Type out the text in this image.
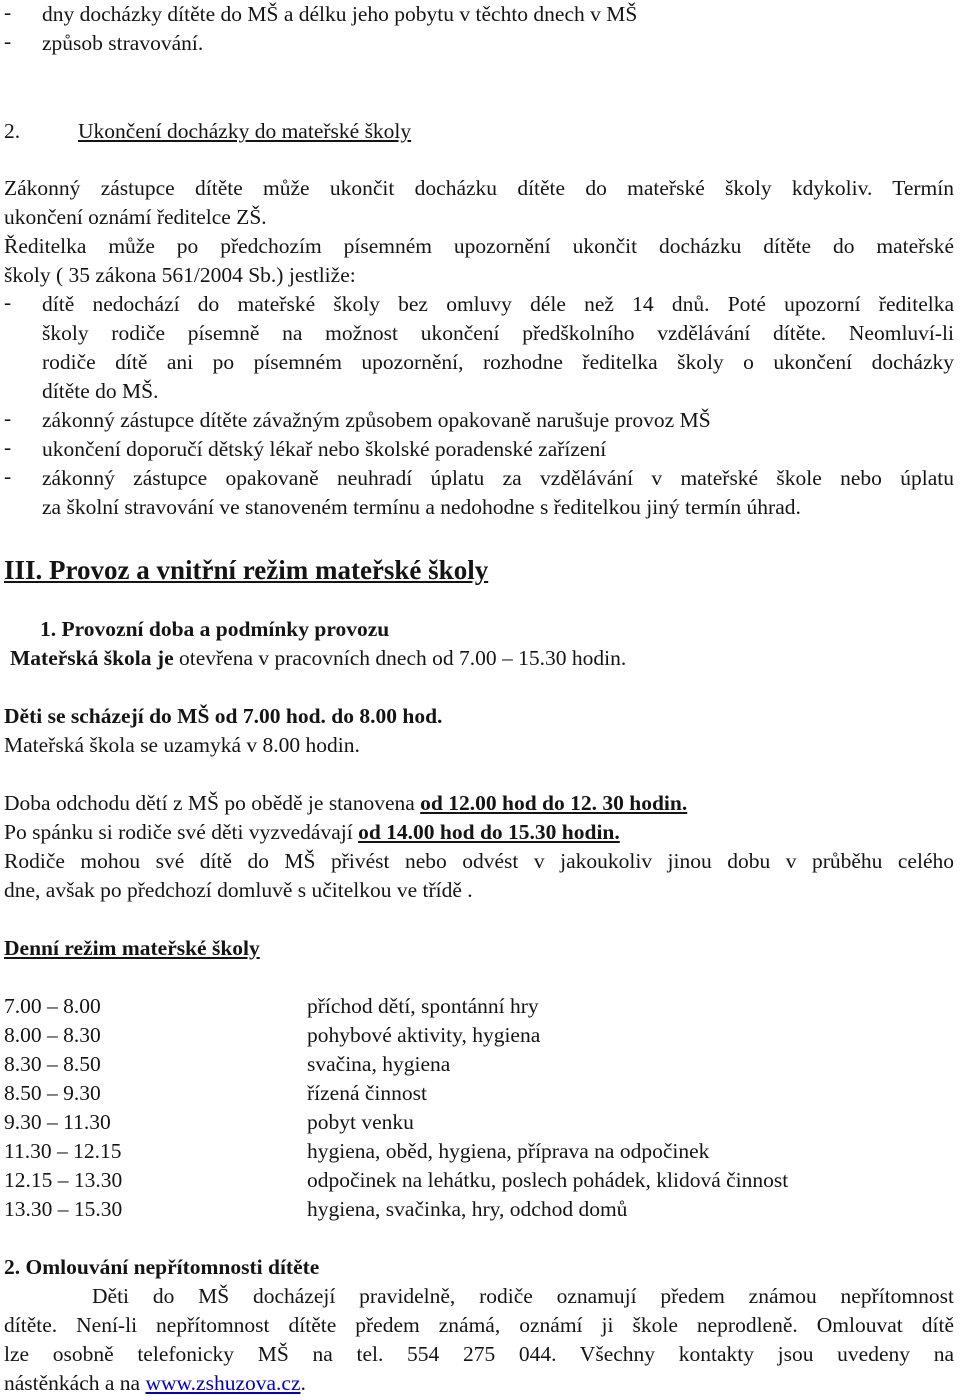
- dny docházky dítěte do MŠ a délku jeho pobytu v těchto dnech v MŠ
- způsob stravování.
2.	Ukončení docházky do mateřské školy
Zákonný zástupce dítěte může ukončit docházku dítěte do mateřské školy kdykoliv. Termín
ukončení oznámí ředitelce ZŠ.
Ředitelka může po předchozím písemném upozornění ukončit docházku dítěte do mateřské
školy ( 35 zákona 561/2004 Sb.) jestliže:
- dítě nedochází do mateřské školy bez omluvy déle než 14 dnů. Poté upozorní ředitelka
školy rodiče písemně na možnost ukončení předškolního vzdělávání dítěte. Neomluví-li
rodiče dítě ani po písemném upozornění, rozhodne ředitelka školy o ukončení docházky
dítěte do MŠ.
- zákonný zástupce dítěte závažným způsobem opakovaně narušuje provoz MŠ
- ukončení doporučí dětský lékař nebo školské poradenské zařízení
- zákonný zástupce opakovaně neuhradí úplatu za vzdělávání v mateřské škole nebo úplatu
za školní stravování ve stanoveném termínu a nedohodne s ředitelkou jiný termín úhrad.
III. Provoz a vnitřní režim mateřské školy
1. Provozní doba a podmínky provozu
Mateřská škola je otevřena v pracovních dnech od 7.00 – 15.30 hodin.
Děti se scházejí do MŠ od 7.00 hod. do 8.00 hod.
Mateřská škola se uzamyká v 8.00 hodin.
Doba odchodu dětí z MŠ po obědě je stanovena od 12.00 hod do 12. 30 hodin.
Po spánku si rodiče své děti vyzvedávají od 14.00 hod do 15.30 hodin.
Rodiče mohou své dítě do MŠ přivést nebo odvést v jakoukoliv jinou dobu v průběhu celého
dne, avšak po předchozí domluvě s učitelkou ve třídě .
Denní režim mateřské školy
7.00 – 8.00	příchod dětí, spontánní hry
8.00 – 8.30	pohybové aktivity, hygiena
8.30 – 8.50	svačina, hygiena
8.50 – 9.30	řízená činnost
9.30 – 11.30	pobyt venku
11.30 – 12.15	hygiena, oběd, hygiena, příprava na odpočinek
12.15 – 13.30	odpočinek na lehátku, poslech pohádek, klidová činnost
13.30 – 15.30	hygiena, svačinka, hry, odchod domů
2. Omlouvání nepřítomnosti dítěte
Děti do MŠ docházejí pravidelně, rodiče oznamují předem známou nepřítomnost
dítěte. Není-li nepřítomnost dítěte předem známá, oznámí ji škole neprodleně. Omlouvat dítě
lze osobně telefonicky MŠ na tel. 554 275 044. Všechny kontakty jsou uvedeny na
nástěnkách a na www.zshuzova.cz.
